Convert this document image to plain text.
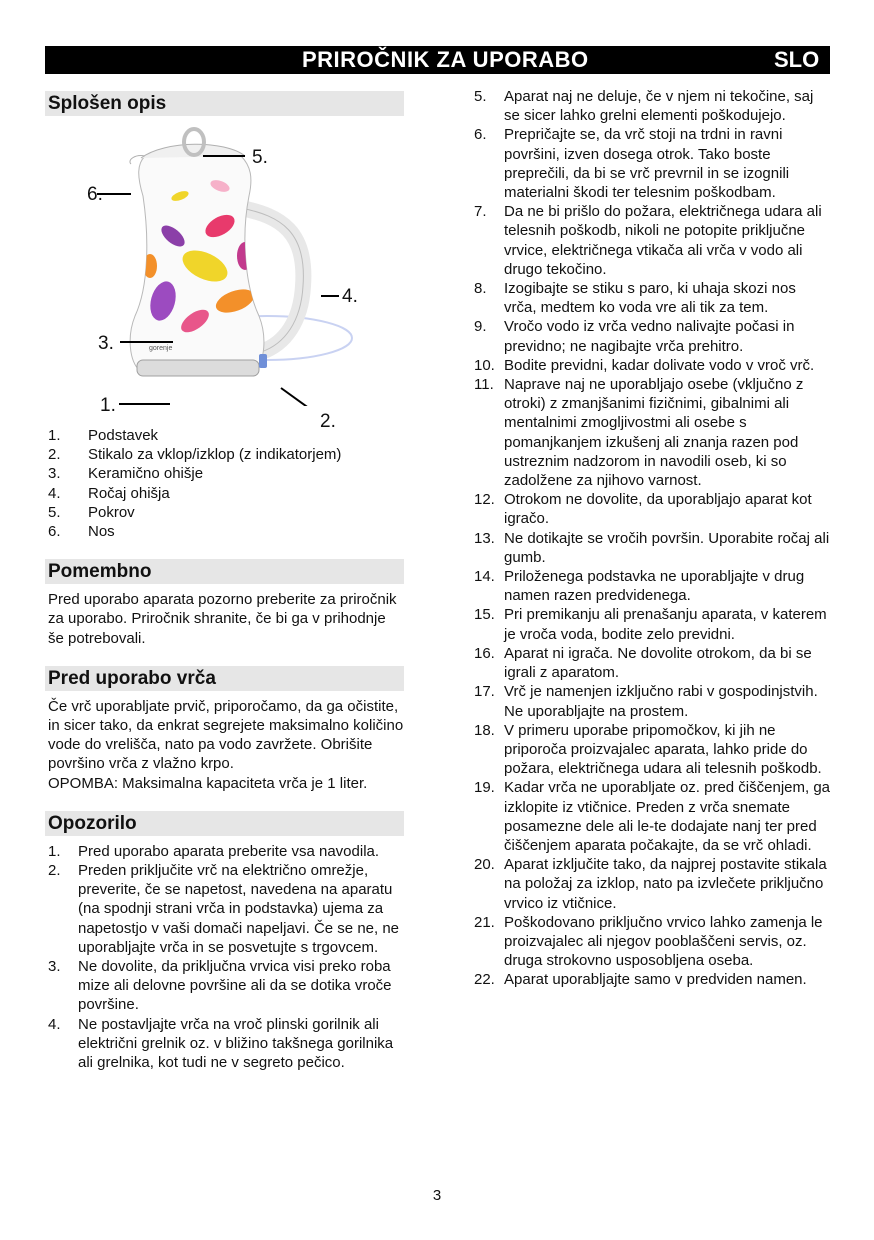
PRIROČNIK ZA UPORABO	SLO
Splošen opis
gorenje
5.
6.
4.
3.
1.
2.
1.	Podstavek
2.	Stikalo za vklop/izklop (z indikatorjem)
3.	Keramično ohišje
4.	Ročaj ohišja
5.	Pokrov
6.	Nos
Pomembno

Pred uporabo aparata pozorno preberite za priročnik za uporabo. Priročnik shranite, če bi ga v prihodnje še potrebovali.

Pred uporabo vrča

Če vrč uporabljate prvič, priporočamo, da ga očistite, in sicer tako, da enkrat segrejete maksimalno količino vode do vrelišča, nato pa vodo zavržete. Obrišite površino vrča z vlažno krpo.

OPOMBA: Maksimalna kapaciteta vrča je 1 liter.

Opozorilo
1.	Pred uporabo aparata preberite vsa navodila.
2.	Preden priključite vrč na električno omrežje, preverite, če se napetost, navedena na aparatu (na spodnji strani vrča in podstavka) ujema za napetostjo v vaši domači napeljavi. Če se ne, ne uporabljajte vrča in se posvetujte s trgovcem.
3.	Ne dovolite, da priključna vrvica visi preko roba mize ali delovne površine ali da se dotika vroče površine.
4.	Ne postavljajte vrča na vroč plinski gorilnik ali električni grelnik oz. v bližino takšnega gorilnika ali grelnika, kot tudi ne v segreto pečico.
5.	Aparat naj ne deluje, če v njem ni tekočine, saj se sicer lahko grelni elementi poškodujejo.
6.	Prepričajte se, da vrč stoji na trdni in ravni površini, izven dosega otrok. Tako boste preprečili, da bi se vrč prevrnil in se izognili materialni škodi ter telesnim poškodbam.
7.	Da ne bi prišlo do požara, električnega udara ali telesnih poškodb, nikoli ne potopite priključne vrvice, električnega vtikača ali vrča v vodo ali drugo tekočino.
8.	Izogibajte se stiku s paro, ki uhaja skozi nos vrča, medtem ko voda vre ali tik za tem.
9.	Vročo vodo iz vrča vedno nalivajte počasi in previdno; ne nagibajte vrča prehitro.
10. Bodite previdni, kadar dolivate vodo v vroč vrč.
11. Naprave naj ne uporabljajo osebe (vključno z otroki) z zmanjšanimi fizičnimi, gibalnimi ali mentalnimi zmogljivostmi ali osebe s pomanjkanjem izkušenj ali znanja razen pod ustreznim nadzorom in navodili oseb, ki so zadolžene za njihovo varnost.
12. Otrokom ne dovolite, da uporabljajo aparat kot igračo.
13. Ne dotikajte se vročih površin. Uporabite ročaj ali gumb.
14. Priloženega podstavka ne uporabljajte v drug namen razen predvidenega.
15. Pri premikanju ali prenašanju aparata, v katerem je vroča voda, bodite zelo previdni.
16. Aparat ni igrača. Ne dovolite otrokom, da bi se igrali z aparatom.
17. Vrč je namenjen izključno rabi v gospodinjstvih. Ne uporabljajte na prostem.
18. V primeru uporabe pripomočkov, ki jih ne priporoča proizvajalec aparata, lahko pride do požara, električnega udara ali telesnih poškodb.
19. Kadar vrča ne uporabljate oz. pred čiščenjem, ga izklopite iz vtičnice. Preden z vrča snemate posamezne dele ali le-te dodajate nanj ter pred čiščenjem aparata počakajte, da se vrč ohladi.
20. Aparat izključite tako, da najprej postavite stikala na položaj za izklop, nato pa izvlečete priključno vrvico iz vtičnice.
21. Poškodovano priključno vrvico lahko zamenja le proizvajalec ali njegov pooblaščeni servis, oz. druga strokovno usposobljena oseba.
22. Aparat uporabljajte samo v predviden namen.
3
